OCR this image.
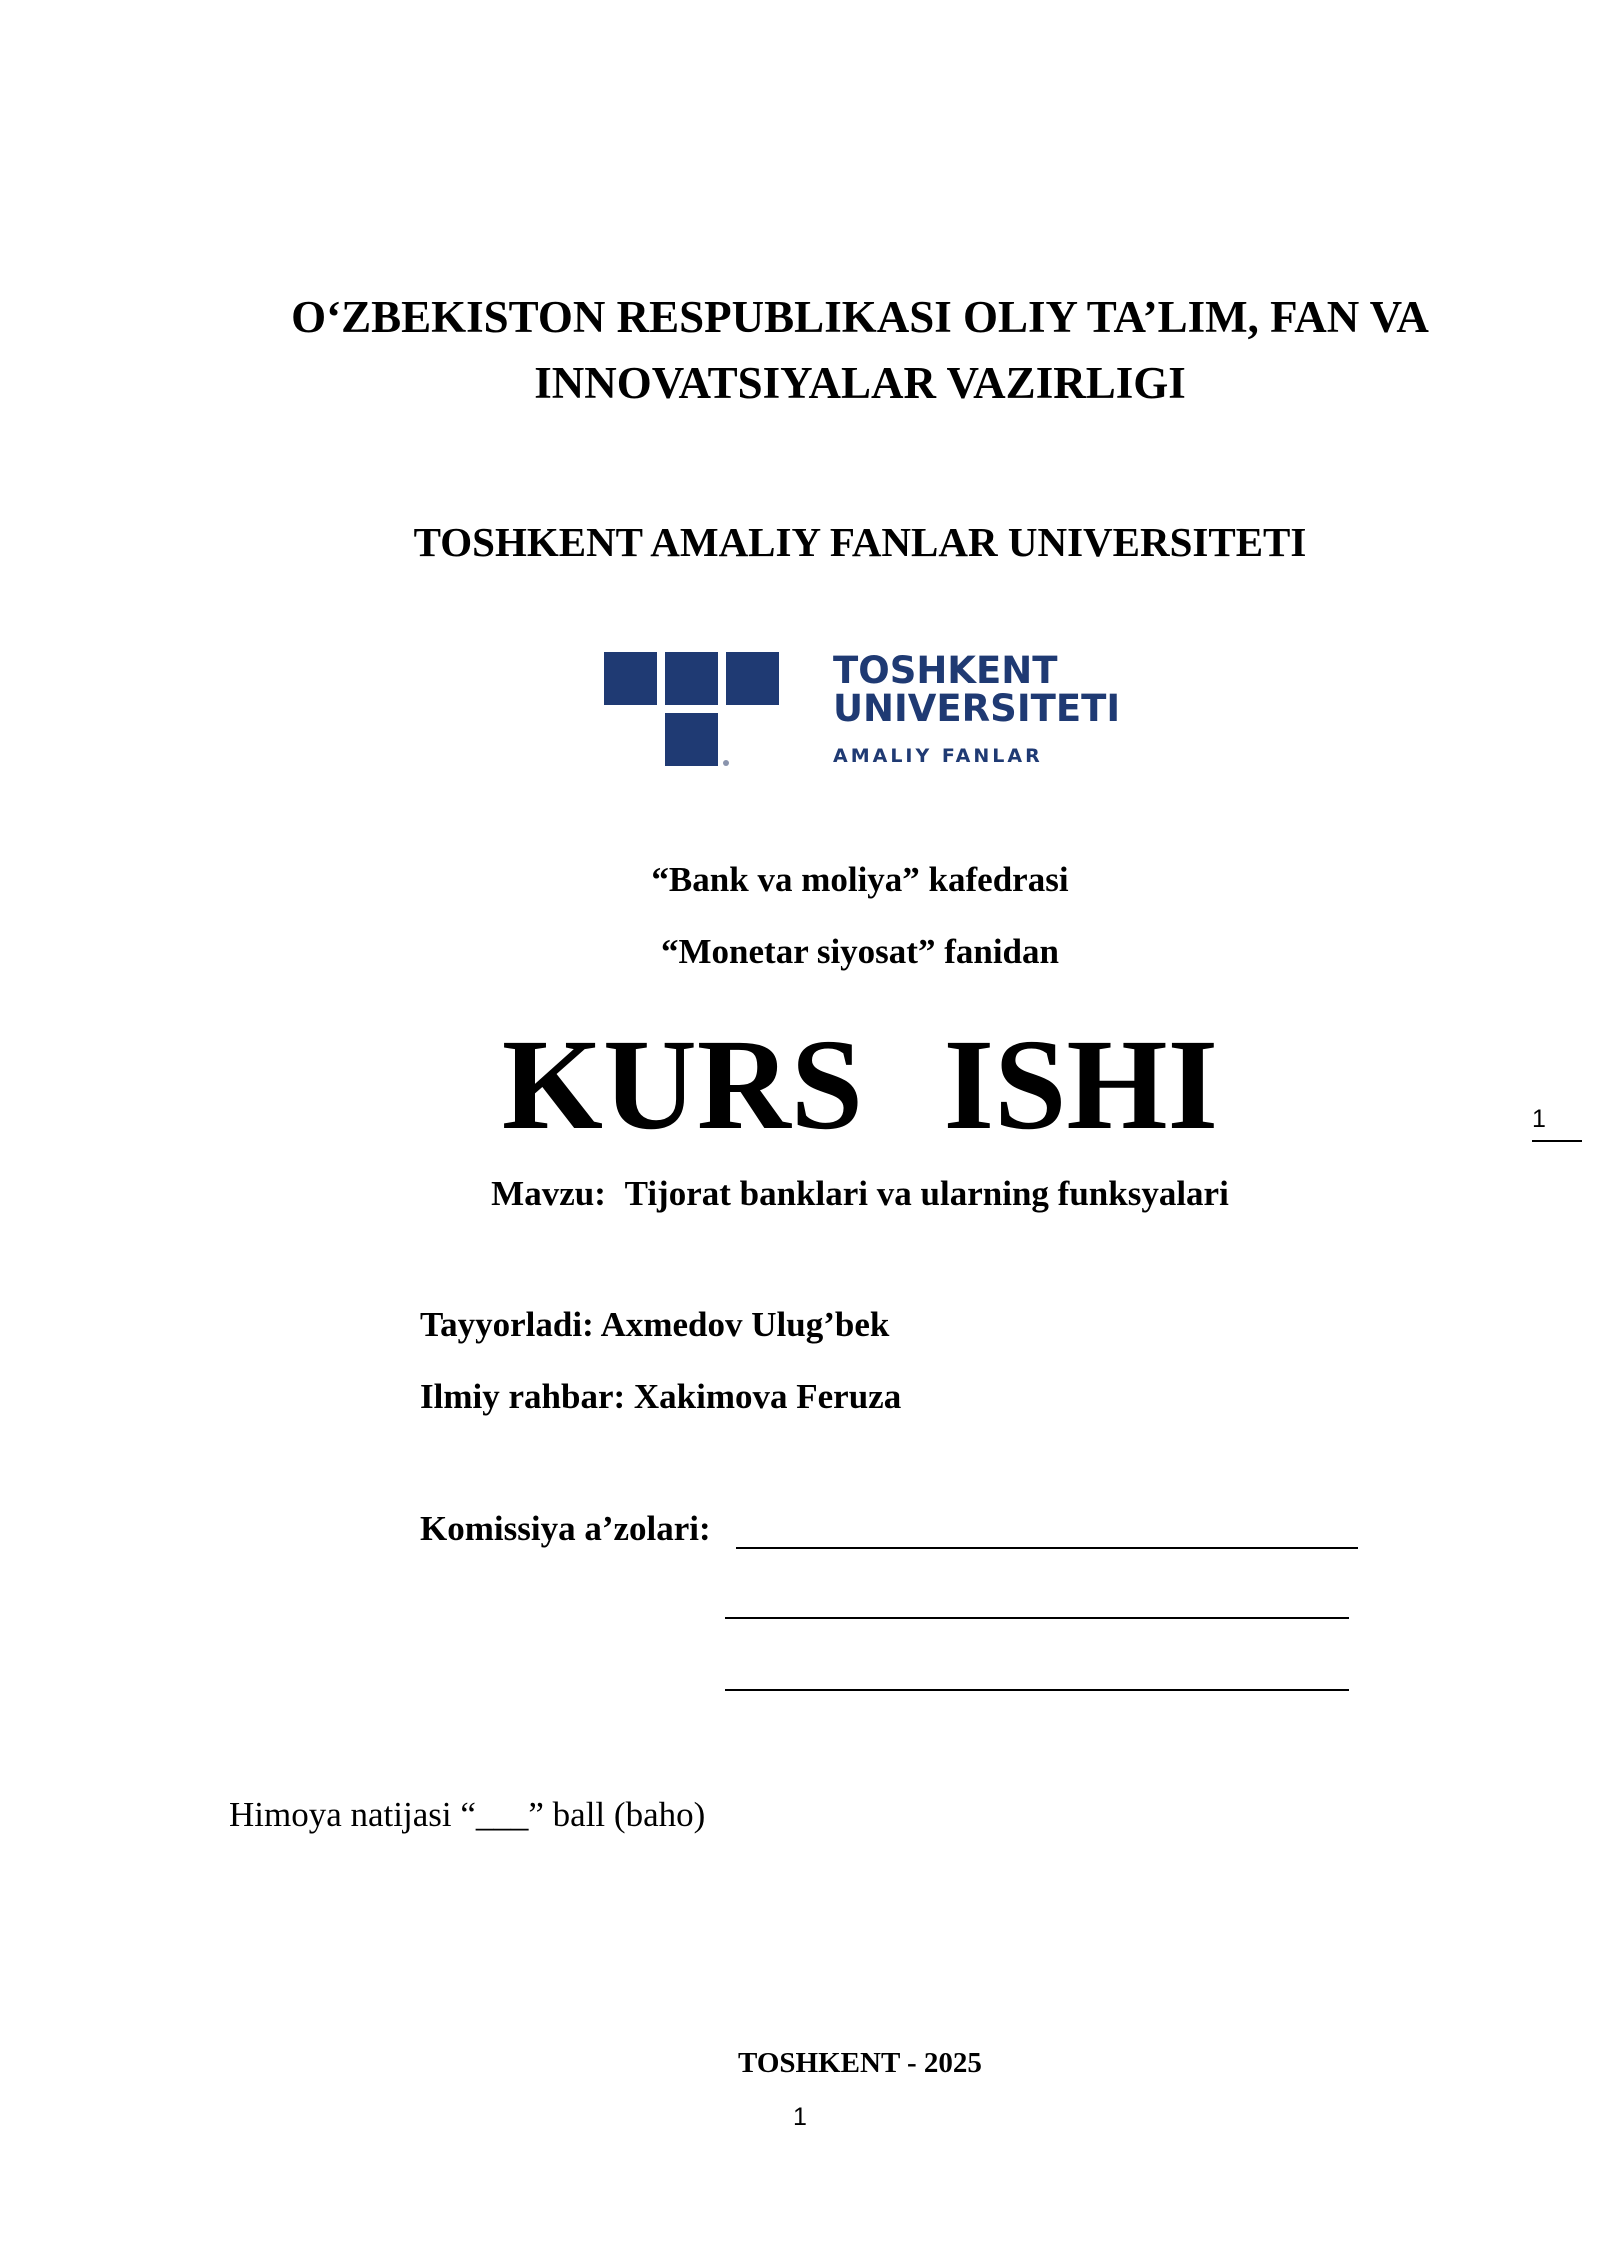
O‘ZBEKISTON RESPUBLIKASI OLIY TA’LIM, FAN VA INNOVATSIYALAR VAZIRLIGI
TOSHKENT AMALIY FANLAR UNIVERSITETI
TOSHKENT
UNIVERSITETI
AMALIY FANLAR
“Bank va moliya” kafedrasi
“Monetar siyosat” fanidan
KURS ISHI
Mavzu: Tijorat banklari va ularning funksyalari
Tayyorladi: Axmedov Ulug’bek
Ilmiy rahbar: Xakimova Feruza
Komissiya a’zolari:
Himoya natijasi “___” ball (baho)
TOSHKENT - 2025
1
1
